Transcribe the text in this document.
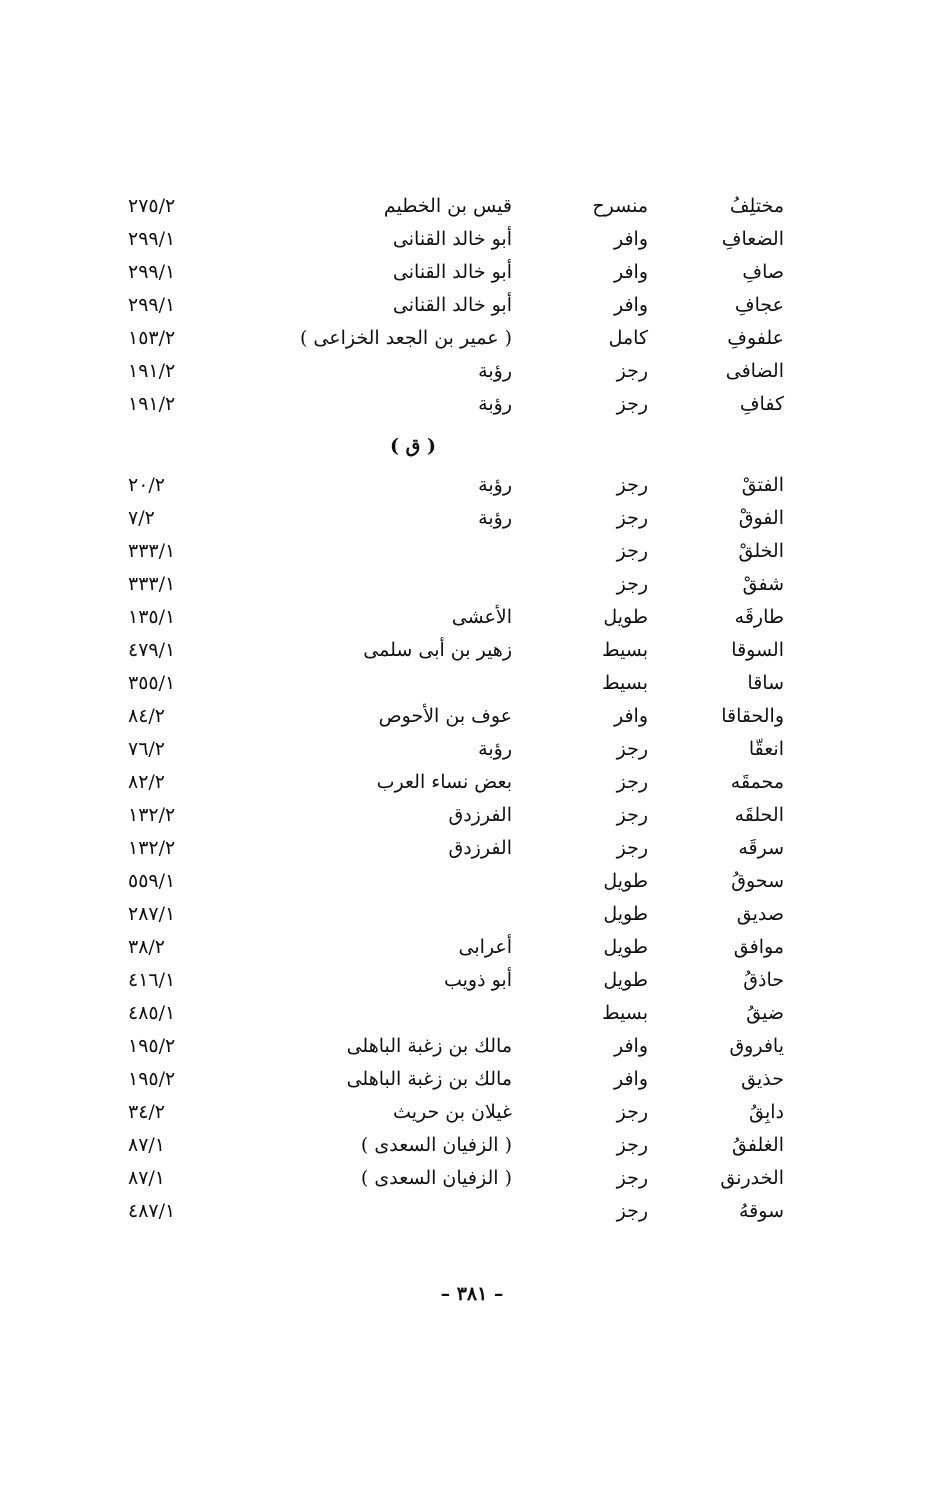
مختلِفُ
منسرح
قيس بن الخطيم
٢٧٥/٢
الضعافِ
وافر
أبو خالد القنانى
٢٩٩/١
صافِ
وافر
أبو خالد القنانى
٢٩٩/١
عجافِ
وافر
أبو خالد القنانى
٢٩٩/١
علفوفِ
كامل
( عمير بن الجعد الخزاعى )
١٥٣/٢
الضافى
رجز
رؤبة
١٩١/٢
كفافِ
رجز
رؤبة
١٩١/٢
( ق )
الفتقْ
رجز
رؤبة
٢٠/٢
الفوقْ
رجز
رؤبة
٧/٢
الخلقْ
رجز
٣٣٣/١
شفقْ
رجز
٣٣٣/١
طارقَه
طويل
الأعشى
١٣٥/١
السوقا
بسيط
زهير بن أبى سلمى
٤٧٩/١
ساقا
بسيط
٣٥٥/١
والحقاقا
وافر
عوف بن الأحوص
٨٤/٢
انعقّا
رجز
رؤبة
٧٦/٢
محمقَه
رجز
بعض نساء العرب
٨٢/٢
الحلقَه
رجز
الفرزدق
١٣٢/٢
سرقَه
رجز
الفرزدق
١٣٢/٢
سحوقُ
طويل
٥٥٩/١
صديق
طويل
٢٨٧/١
موافق
طويل
أعرابى
٣٨/٢
حاذقُ
طويل
أبو ذويب
٤١٦/١
ضيقُ
بسيط
٤٨٥/١
يافروق
وافر
مالك بن زغبة الباهلى
١٩٥/٢
حذيق
وافر
مالك بن زغبة الباهلى
١٩٥/٢
دابِقُ
رجز
غيلان بن حريث
٣٤/٢
الغلفقُ
رجز
( الزفيان السعدى )
٨٧/١
الخدرنق
رجز
( الزفيان السعدى )
٨٧/١
سوقهُ
رجز
٤٨٧/١
– ٣٨١ –
